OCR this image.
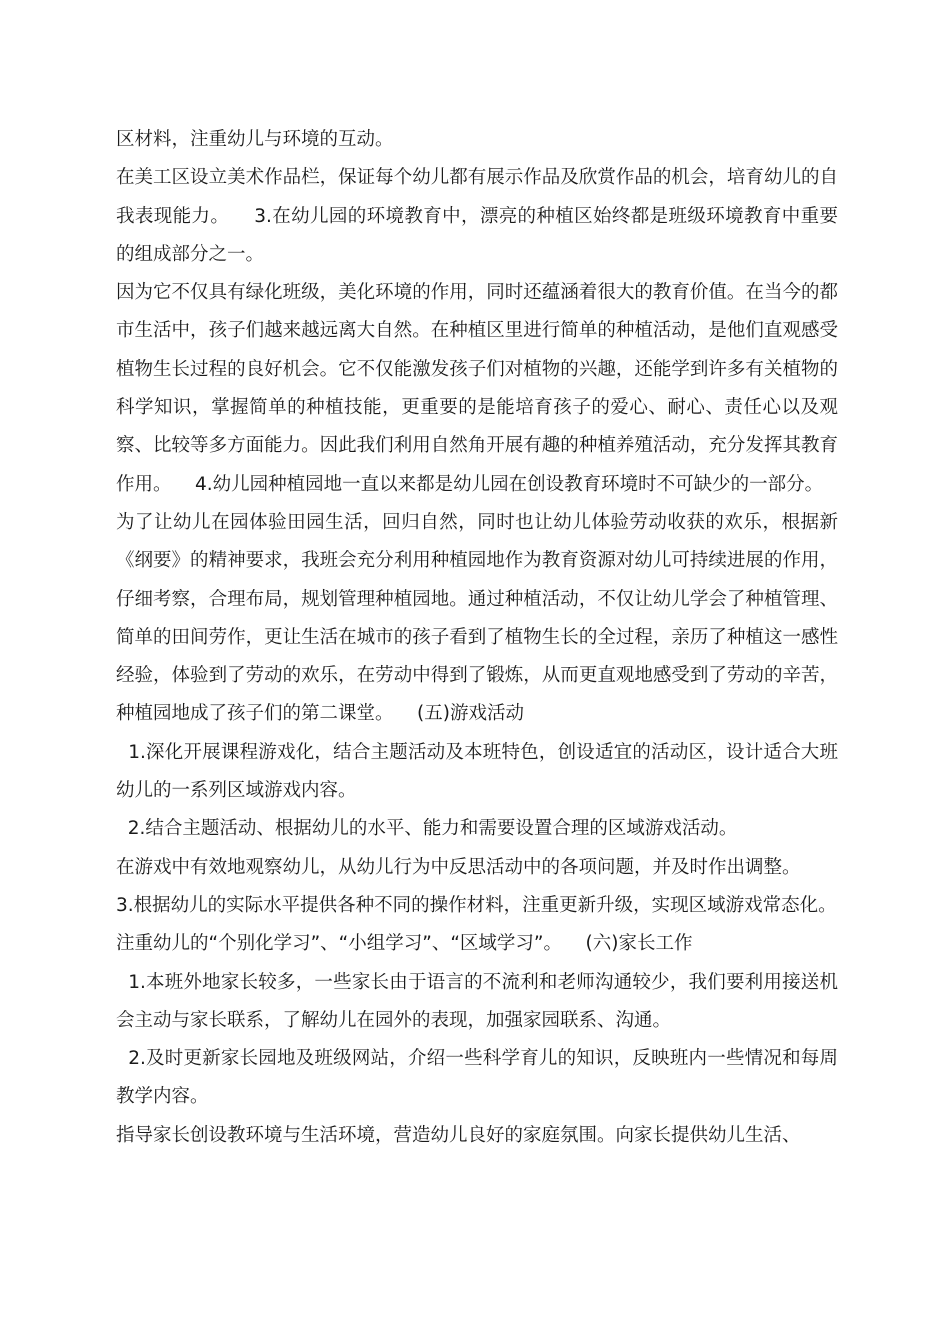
区材料，注重幼儿与环境的互动。

在美工区设立美术作品栏，保证每个幼儿都有展示作品及欣赏作品的机会，培育幼儿的自我表现能力。    3.在幼儿园的环境教育中，漂亮的种植区始终都是班级环境教育中重要的组成部分之一。

因为它不仅具有绿化班级，美化环境的作用，同时还蕴涵着很大的教育价值。在当今的都市生活中，孩子们越来越远离大自然。在种植区里进行简单的种植活动，是他们直观感受植物生长过程的良好机会。它不仅能激发孩子们对植物的兴趣，还能学到许多有关植物的科学知识，掌握简单的种植技能，更重要的是能培育孩子的爱心、耐心、责任心以及观察、比较等多方面能力。因此我们利用自然角开展有趣的种植养殖活动，充分发挥其教育作用。    4.幼儿园种植园地一直以来都是幼儿园在创设教育环境时不可缺少的一部分。

为了让幼儿在园体验田园生活，回归自然，同时也让幼儿体验劳动收获的欢乐，根据新《纲要》的精神要求，我班会充分利用种植园地作为教育资源对幼儿可持续进展的作用，仔细考察，合理布局，规划管理种植园地。通过种植活动，不仅让幼儿学会了种植管理、简单的田间劳作，更让生活在城市的孩子看到了植物生长的全过程，亲历了种植这一感性经验，体验到了劳动的欢乐，在劳动中得到了锻炼，从而更直观地感受到了劳动的辛苦，种植园地成了孩子们的第二课堂。    (五)游戏活动

1.深化开展课程游戏化，结合主题活动及本班特色，创设适宜的活动区，设计适合大班幼儿的一系列区域游戏内容。

2.结合主题活动、根据幼儿的水平、能力和需要设置合理的区域游戏活动。

在游戏中有效地观察幼儿，从幼儿行为中反思活动中的各项问题，并及时作出调整。

3.根据幼儿的实际水平提供各种不同的操作材料，注重更新升级，实现区域游戏常态化。

注重幼儿的“个别化学习”、“小组学习”、“区域学习”。    (六)家长工作

1.本班外地家长较多，一些家长由于语言的不流利和老师沟通较少，我们要利用接送机会主动与家长联系，了解幼儿在园外的表现，加强家园联系、沟通。

2.及时更新家长园地及班级网站，介绍一些科学育儿的知识，反映班内一些情况和每周教学内容。

指导家长创设教环境与生活环境，营造幼儿良好的家庭氛围。向家长提供幼儿生活、
